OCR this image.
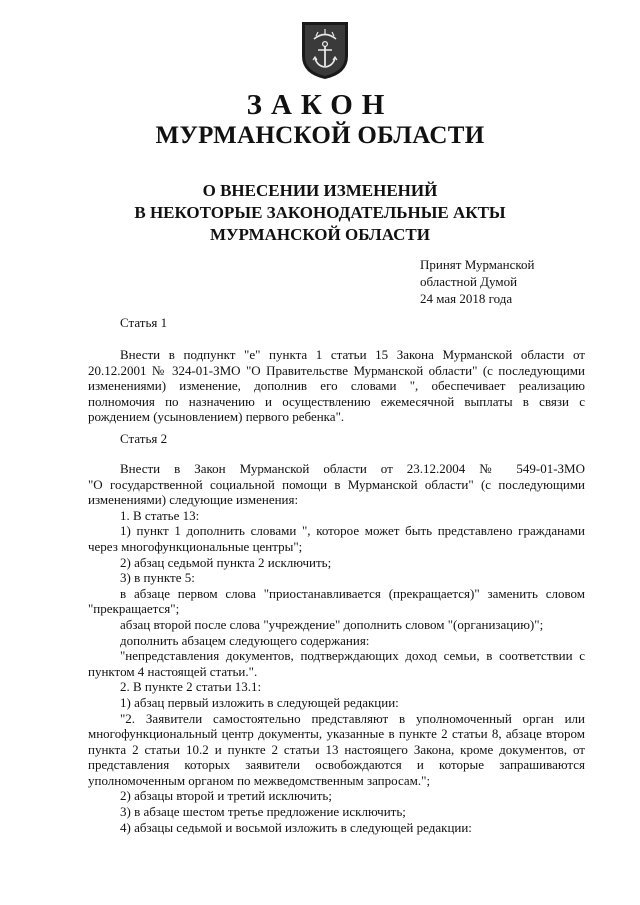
ЗАКОН
МУРМАНСКОЙ ОБЛАСТИ
О ВНЕСЕНИИ ИЗМЕНЕНИЙ
В НЕКОТОРЫЕ ЗАКОНОДАТЕЛЬНЫЕ АКТЫ
МУРМАНСКОЙ ОБЛАСТИ
Принят Мурманской
областной Думой
24 мая 2018 года
Статья 1
Внести в подпункт "е" пункта 1 статьи 15 Закона Мурманской области от
20.12.2001 № 324-01-ЗМО "О Правительстве Мурманской области" (с последующими
изменениями) изменение, дополнив его словами ", обеспечивает реализацию
полномочия по назначению и осуществлению ежемесячной выплаты в связи с
рождением (усыновлением) первого ребенка".
Статья 2
Внести в Закон Мурманской области от 23.12.2004 № 549-01-ЗМО
"О государственной социальной помощи в Мурманской области" (с последующими
изменениями) следующие изменения:
1. В статье 13:
1) пункт 1 дополнить словами ", которое может быть представлено гражданами
через многофункциональные центры";
2) абзац седьмой пункта 2 исключить;
3) в пункте 5:
в абзаце первом слова "приостанавливается (прекращается)" заменить словом
"прекращается";
абзац второй после слова "учреждение" дополнить словом "(организацию)";
дополнить абзацем следующего содержания:
"непредставления документов, подтверждающих доход семьи, в соответствии с
пунктом 4 настоящей статьи.".
2. В пункте 2 статьи 13.1:
1) абзац первый изложить в следующей редакции:
"2. Заявители самостоятельно представляют в уполномоченный орган или
многофункциональный центр документы, указанные в пункте 2 статьи 8, абзаце втором
пункта 2 статьи 10.2 и пункте 2 статьи 13 настоящего Закона, кроме документов, от
представления которых заявители освобождаются и которые запрашиваются
уполномоченным органом по межведомственным запросам.";
2) абзацы второй и третий исключить;
3) в абзаце шестом третье предложение исключить;
4) абзацы седьмой и восьмой изложить в следующей редакции:
